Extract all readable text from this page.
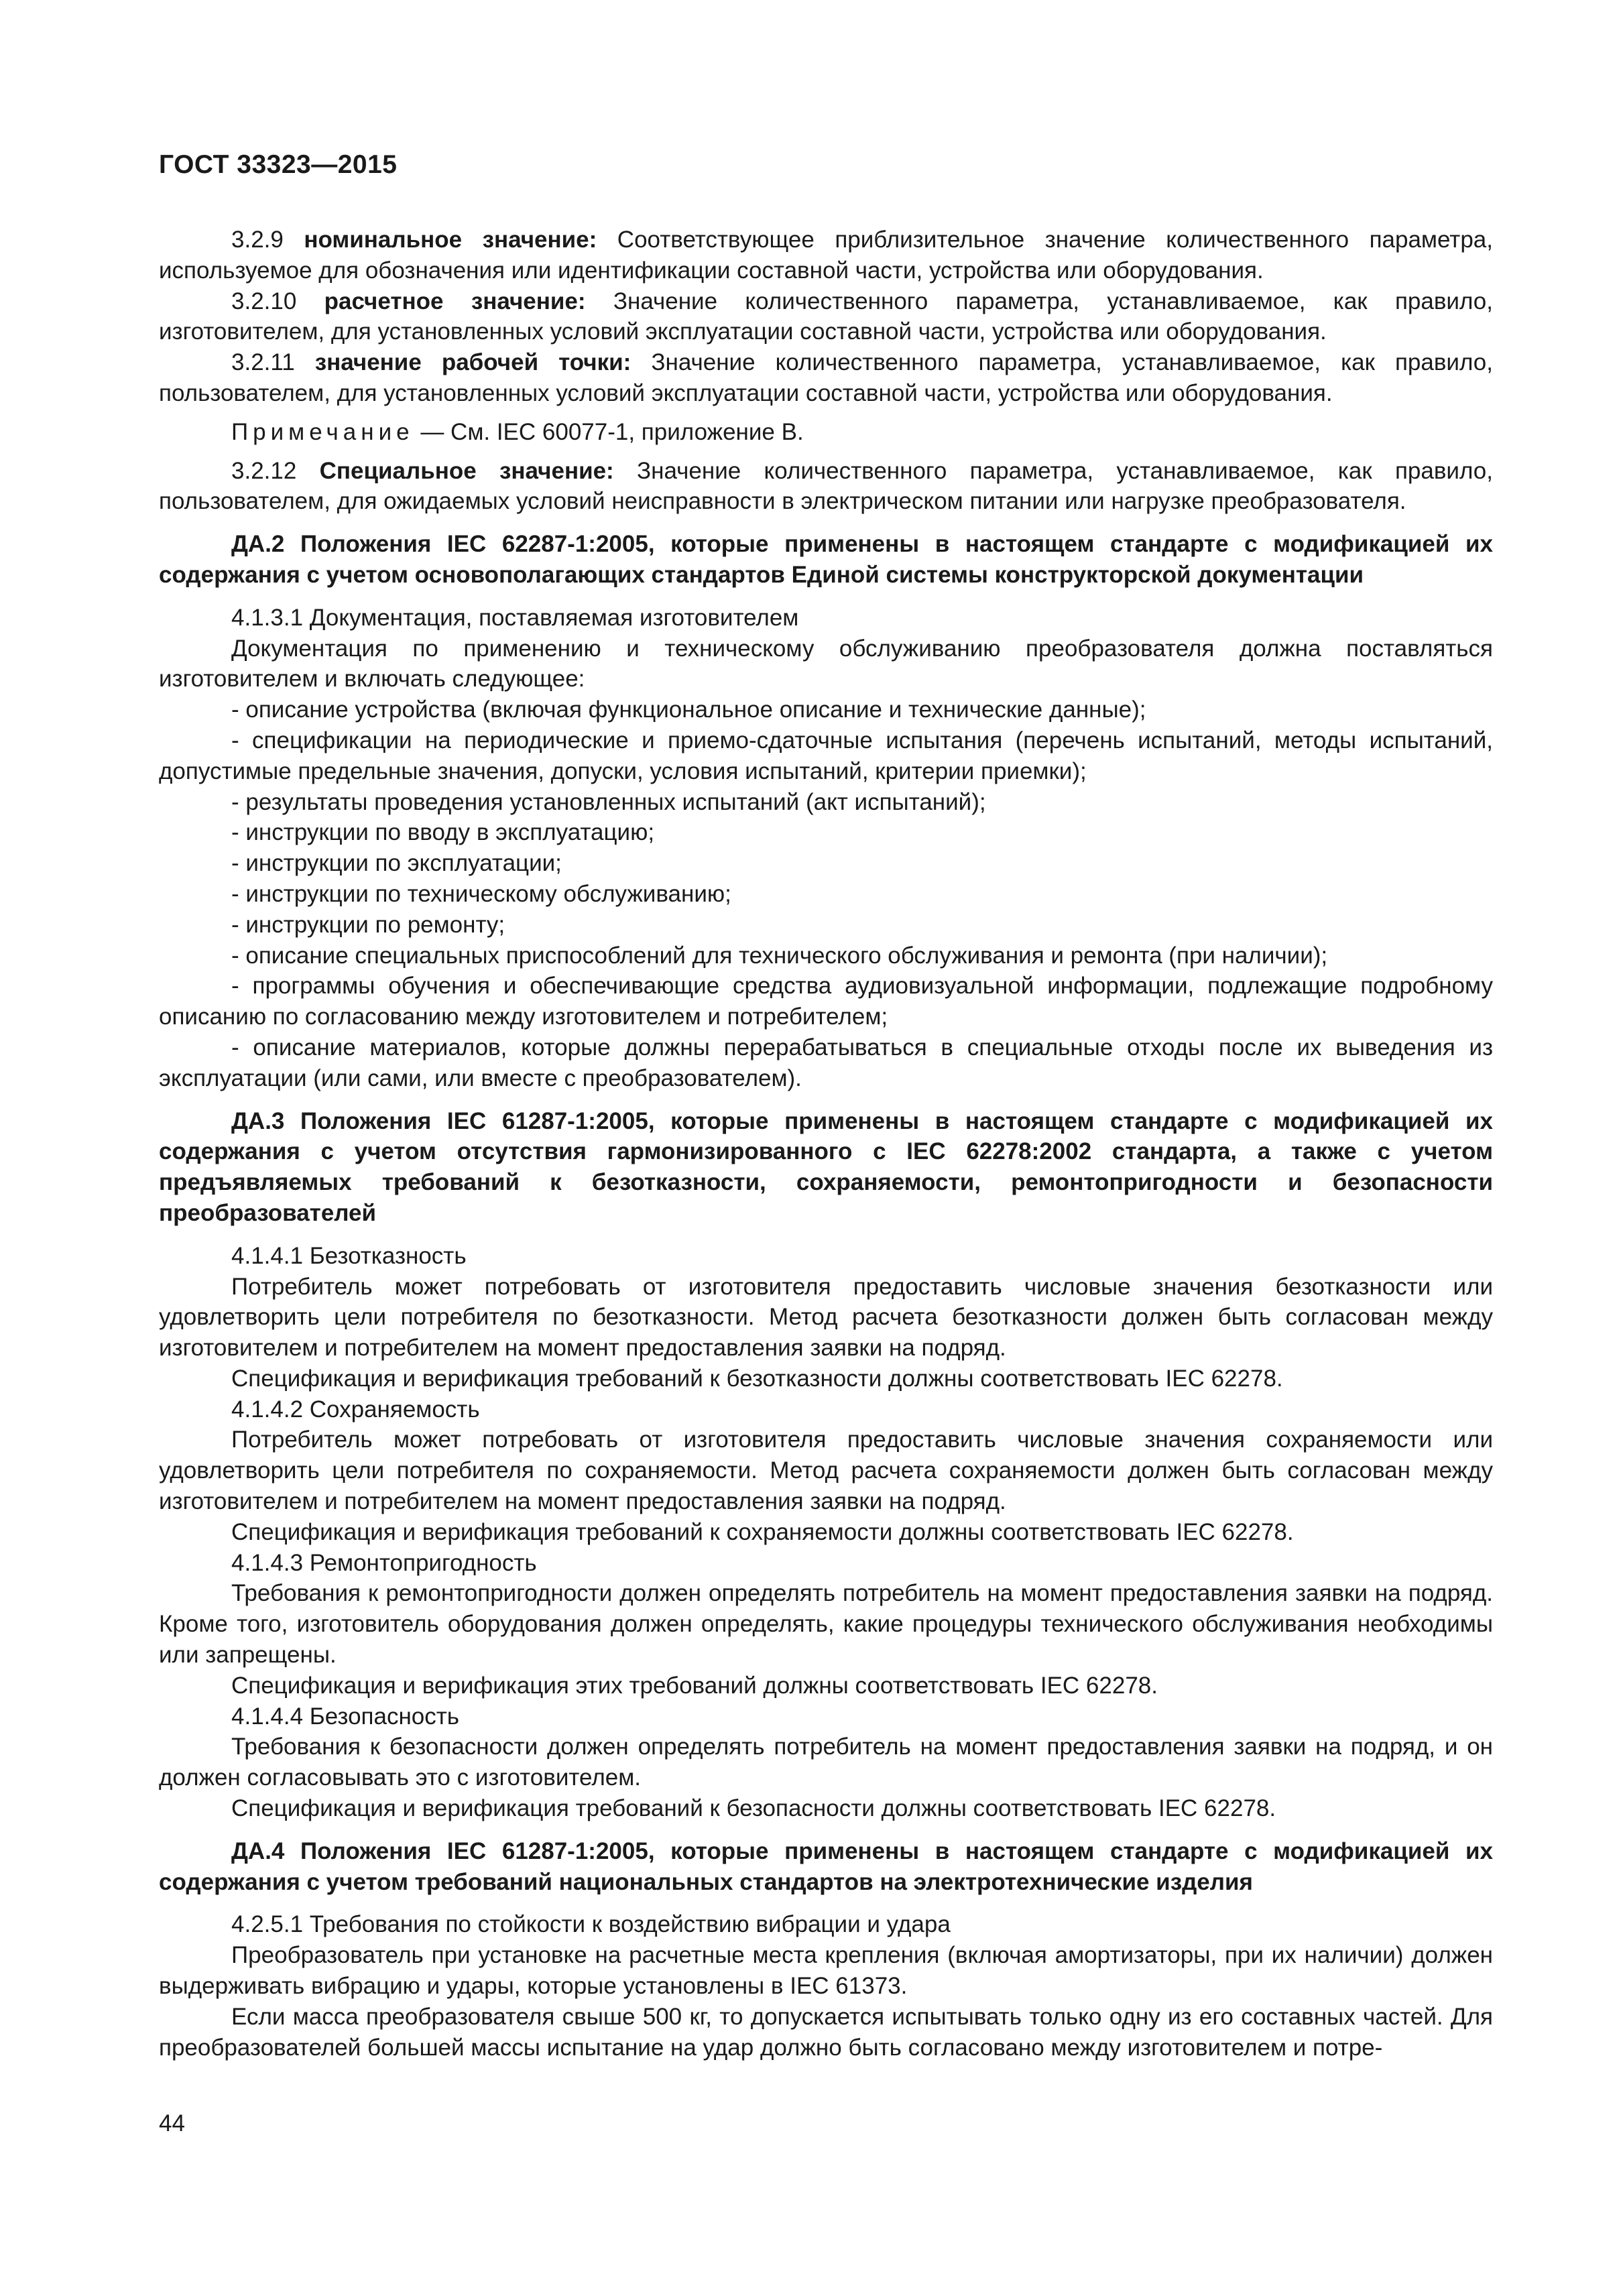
ГОСТ 33323—2015

3.2.9 номинальное значение: Соответствующее приблизительное значение количественного параметра, используемое для обозначения или идентификации составной части, устройства или оборудования.

3.2.10 расчетное значение: Значение количественного параметра, устанавливаемое, как правило, изготовителем, для установленных условий эксплуатации составной части, устройства или оборудования.

3.2.11 значение рабочей точки: Значение количественного параметра, устанавливаемое, как правило, пользователем, для установленных условий эксплуатации составной части, устройства или оборудования.

Примечание — См. IEC 60077-1, приложение В.

3.2.12 Специальное значение: Значение количественного параметра, устанавливаемое, как правило, пользователем, для ожидаемых условий неисправности в электрическом питании или нагрузке преобразователя.

ДА.2 Положения IEC 62287-1:2005, которые применены в настоящем стандарте с модификацией их содержания с учетом основополагающих стандартов Единой системы конструкторской документации

4.1.3.1 Документация, поставляемая изготовителем

Документация по применению и техническому обслуживанию преобразователя должна поставляться изготовителем и включать следующее:

- описание устройства (включая функциональное описание и технические данные);

- спецификации на периодические и приемо-сдаточные испытания (перечень испытаний, методы испытаний, допустимые предельные значения, допуски, условия испытаний, критерии приемки);

- результаты проведения установленных испытаний (акт испытаний);

- инструкции по вводу в эксплуатацию;

- инструкции по эксплуатации;

- инструкции по техническому обслуживанию;

- инструкции по ремонту;

- описание специальных приспособлений для технического обслуживания и ремонта (при наличии);

- программы обучения и обеспечивающие средства аудиовизуальной информации, подлежащие подробному описанию по согласованию между изготовителем и потребителем;

- описание материалов, которые должны перерабатываться в специальные отходы после их выведения из эксплуатации (или сами, или вместе с преобразователем).

ДА.3 Положения IEC 61287-1:2005, которые применены в настоящем стандарте с модификацией их содержания с учетом отсутствия гармонизированного с IEC 62278:2002 стандарта, а также с учетом предъявляемых требований к безотказности, сохраняемости, ремонтопригодности и безопасности преобразователей

4.1.4.1 Безотказность

Потребитель может потребовать от изготовителя предоставить числовые значения безотказности или удовлетворить цели потребителя по безотказности. Метод расчета безотказности должен быть согласован между изготовителем и потребителем на момент предоставления заявки на подряд.

Спецификация и верификация требований к безотказности должны соответствовать IEC 62278.

4.1.4.2 Сохраняемость

Потребитель может потребовать от изготовителя предоставить числовые значения сохраняемости или удовлетворить цели потребителя по сохраняемости. Метод расчета сохраняемости должен быть согласован между изготовителем и потребителем на момент предоставления заявки на подряд.

Спецификация и верификация требований к сохраняемости должны соответствовать IEC 62278.

4.1.4.3 Ремонтопригодность

Требования к ремонтопригодности должен определять потребитель на момент предоставления заявки на подряд. Кроме того, изготовитель оборудования должен определять, какие процедуры технического обслуживания необходимы или запрещены.

Спецификация и верификация этих требований должны соответствовать IEC 62278.

4.1.4.4 Безопасность

Требования к безопасности должен определять потребитель на момент предоставления заявки на подряд, и он должен согласовывать это с изготовителем.

Спецификация и верификация требований к безопасности должны соответствовать IEC 62278.

ДА.4 Положения IEC 61287-1:2005, которые применены в настоящем стандарте с модификацией их содержания с учетом требований национальных стандартов на электротехнические изделия

4.2.5.1 Требования по стойкости к воздействию вибрации и удара

Преобразователь при установке на расчетные места крепления (включая амортизаторы, при их наличии) должен выдерживать вибрацию и удары, которые установлены в IEC 61373.

Если масса преобразователя свыше 500 кг, то допускается испытывать только одну из его составных частей. Для преобразователей большей массы испытание на удар должно быть согласовано между изготовителем и потре-

44
